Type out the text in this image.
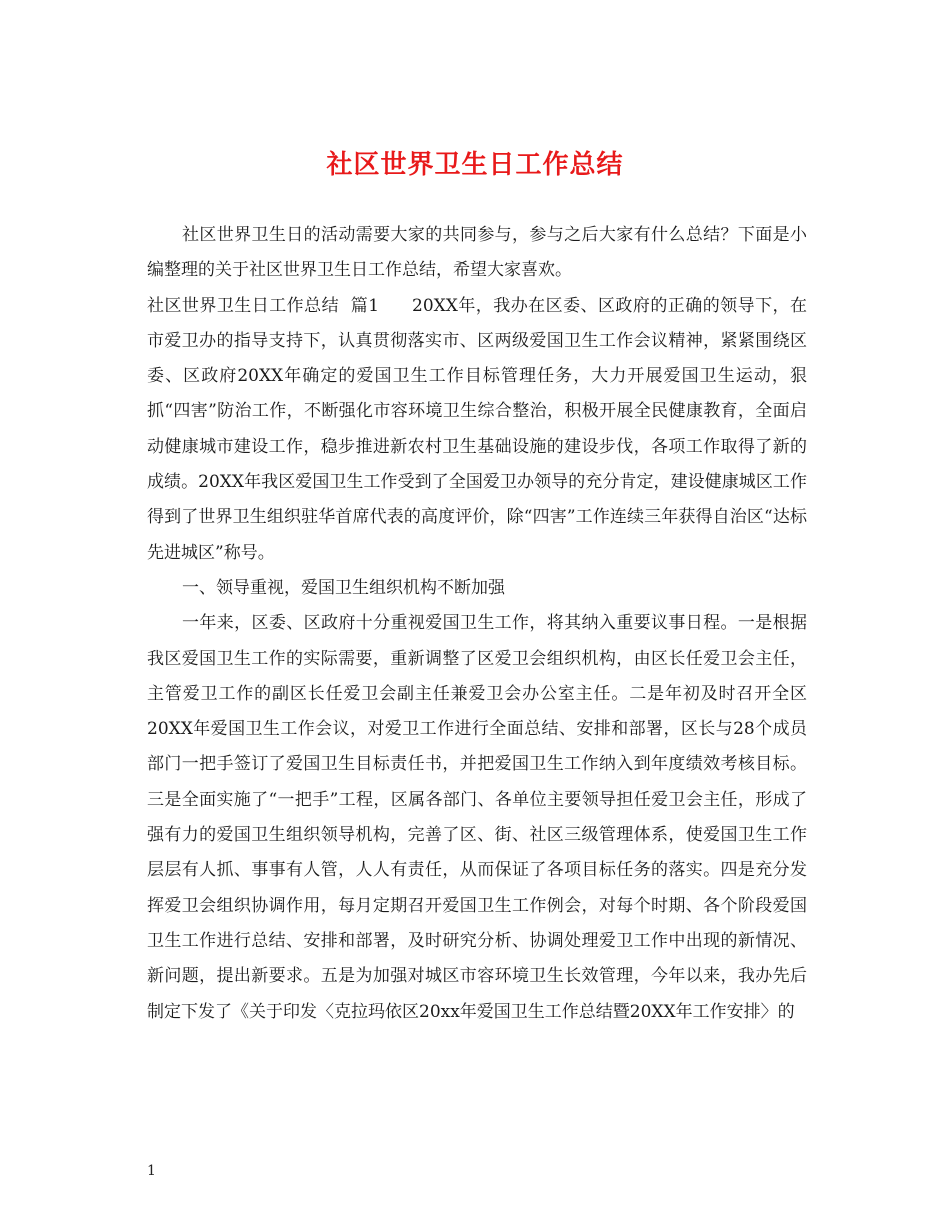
社区世界卫生日工作总结

社区世界卫生日的活动需要大家的共同参与，参与之后大家有什么总结？下面是小编整理的关于社区世界卫生日工作总结，希望大家喜欢。

社区世界卫生日工作总结  篇1 20XX年，我办在区委、区政府的正确的领导下，在市爱卫办的指导支持下，认真贯彻落实市、区两级爱国卫生工作会议精神，紧紧围绕区委、区政府20XX年确定的爱国卫生工作目标管理任务，大力开展爱国卫生运动，狠抓“四害”防治工作，不断强化市容环境卫生综合整治，积极开展全民健康教育，全面启动健康城市建设工作，稳步推进新农村卫生基础设施的建设步伐，各项工作取得了新的成绩。20XX年我区爱国卫生工作受到了全国爱卫办领导的充分肯定，建设健康城区工作得到了世界卫生组织驻华首席代表的高度评价，除“四害”工作连续三年获得自治区“达标先进城区”称号。

一、领导重视，爱国卫生组织机构不断加强

一年来，区委、区政府十分重视爱国卫生工作，将其纳入重要议事日程。一是根据我区爱国卫生工作的实际需要，重新调整了区爱卫会组织机构，由区长任爱卫会主任，主管爱卫工作的副区长任爱卫会副主任兼爱卫会办公室主任。二是年初及时召开全区20XX年爱国卫生工作会议，对爱卫工作进行全面总结、安排和部署，区长与28个成员部门一把手签订了爱国卫生目标责任书，并把爱国卫生工作纳入到年度绩效考核目标。三是全面实施了“一把手”工程，区属各部门、各单位主要领导担任爱卫会主任，形成了强有力的爱国卫生组织领导机构，完善了区、街、社区三级管理体系，使爱国卫生工作层层有人抓、事事有人管，人人有责任，从而保证了各项目标任务的落实。四是充分发挥爱卫会组织协调作用，每月定期召开爱国卫生工作例会，对每个时期、各个阶段爱国卫生工作进行总结、安排和部署，及时研究分析、协调处理爱卫工作中出现的新情况、新问题，提出新要求。五是为加强对城区市容环境卫生长效管理，今年以来，我办先后制定下发了《关于印发〈克拉玛依区20xx年爱国卫生工作总结暨20XX年工作安排〉的

1
